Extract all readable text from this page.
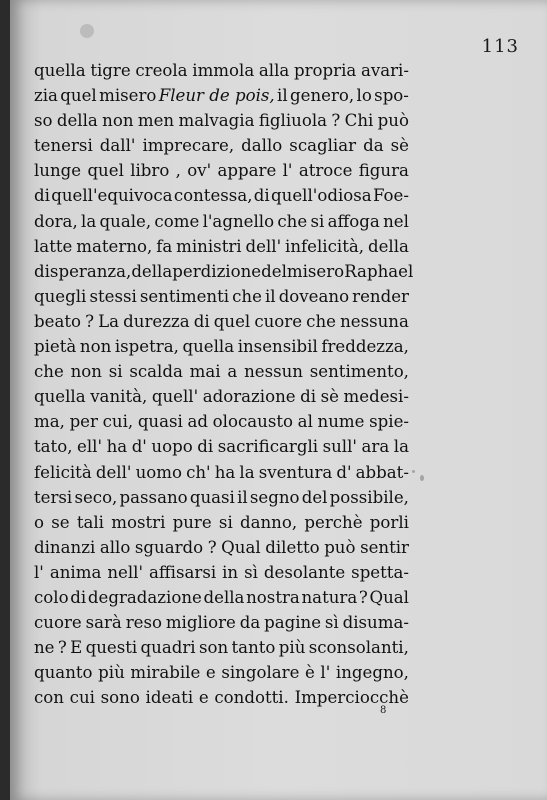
113
quella tigre creola immola alla propria avari-
zia quel misero Fleur de pois, il genero, lo spo-
so della non men malvagia figliuola ? Chi può
tenersi dall' imprecare, dallo scagliar da sè
lunge quel libro , ov' appare l' atroce figura
di quell'equivoca contessa, di quell'odiosa Foe-
dora, la quale, come l'agnello che si affoga nel
latte materno, fa ministri dell' infelicità, della
disperanza, della perdizione del misero Raphael
quegli stessi sentimenti che il doveano render
beato ? La durezza di quel cuore che nessuna
pietà non ispetra, quella insensibil freddezza,
che non si scalda mai a nessun sentimento,
quella vanità, quell' adorazione di sè medesi-
ma, per cui, quasi ad olocausto al nume spie-
tato, ell' ha d' uopo di sacrificargli sull' ara la
felicità dell' uomo ch' ha la sventura d' abbat-
tersi seco, passano quasi il segno del possibile,
o se tali mostri pure si danno, perchè porli
dinanzi allo sguardo ? Qual diletto può sentir
l' anima nell' affisarsi in sì desolante spetta-
colo di degradazione della nostra natura ? Qual
cuore sarà reso migliore da pagine sì disuma-
ne ? E questi quadri son tanto più sconsolanti,
quanto più mirabile e singolare è l' ingegno,
con cui sono ideati e condotti. Imperciocchè
8
